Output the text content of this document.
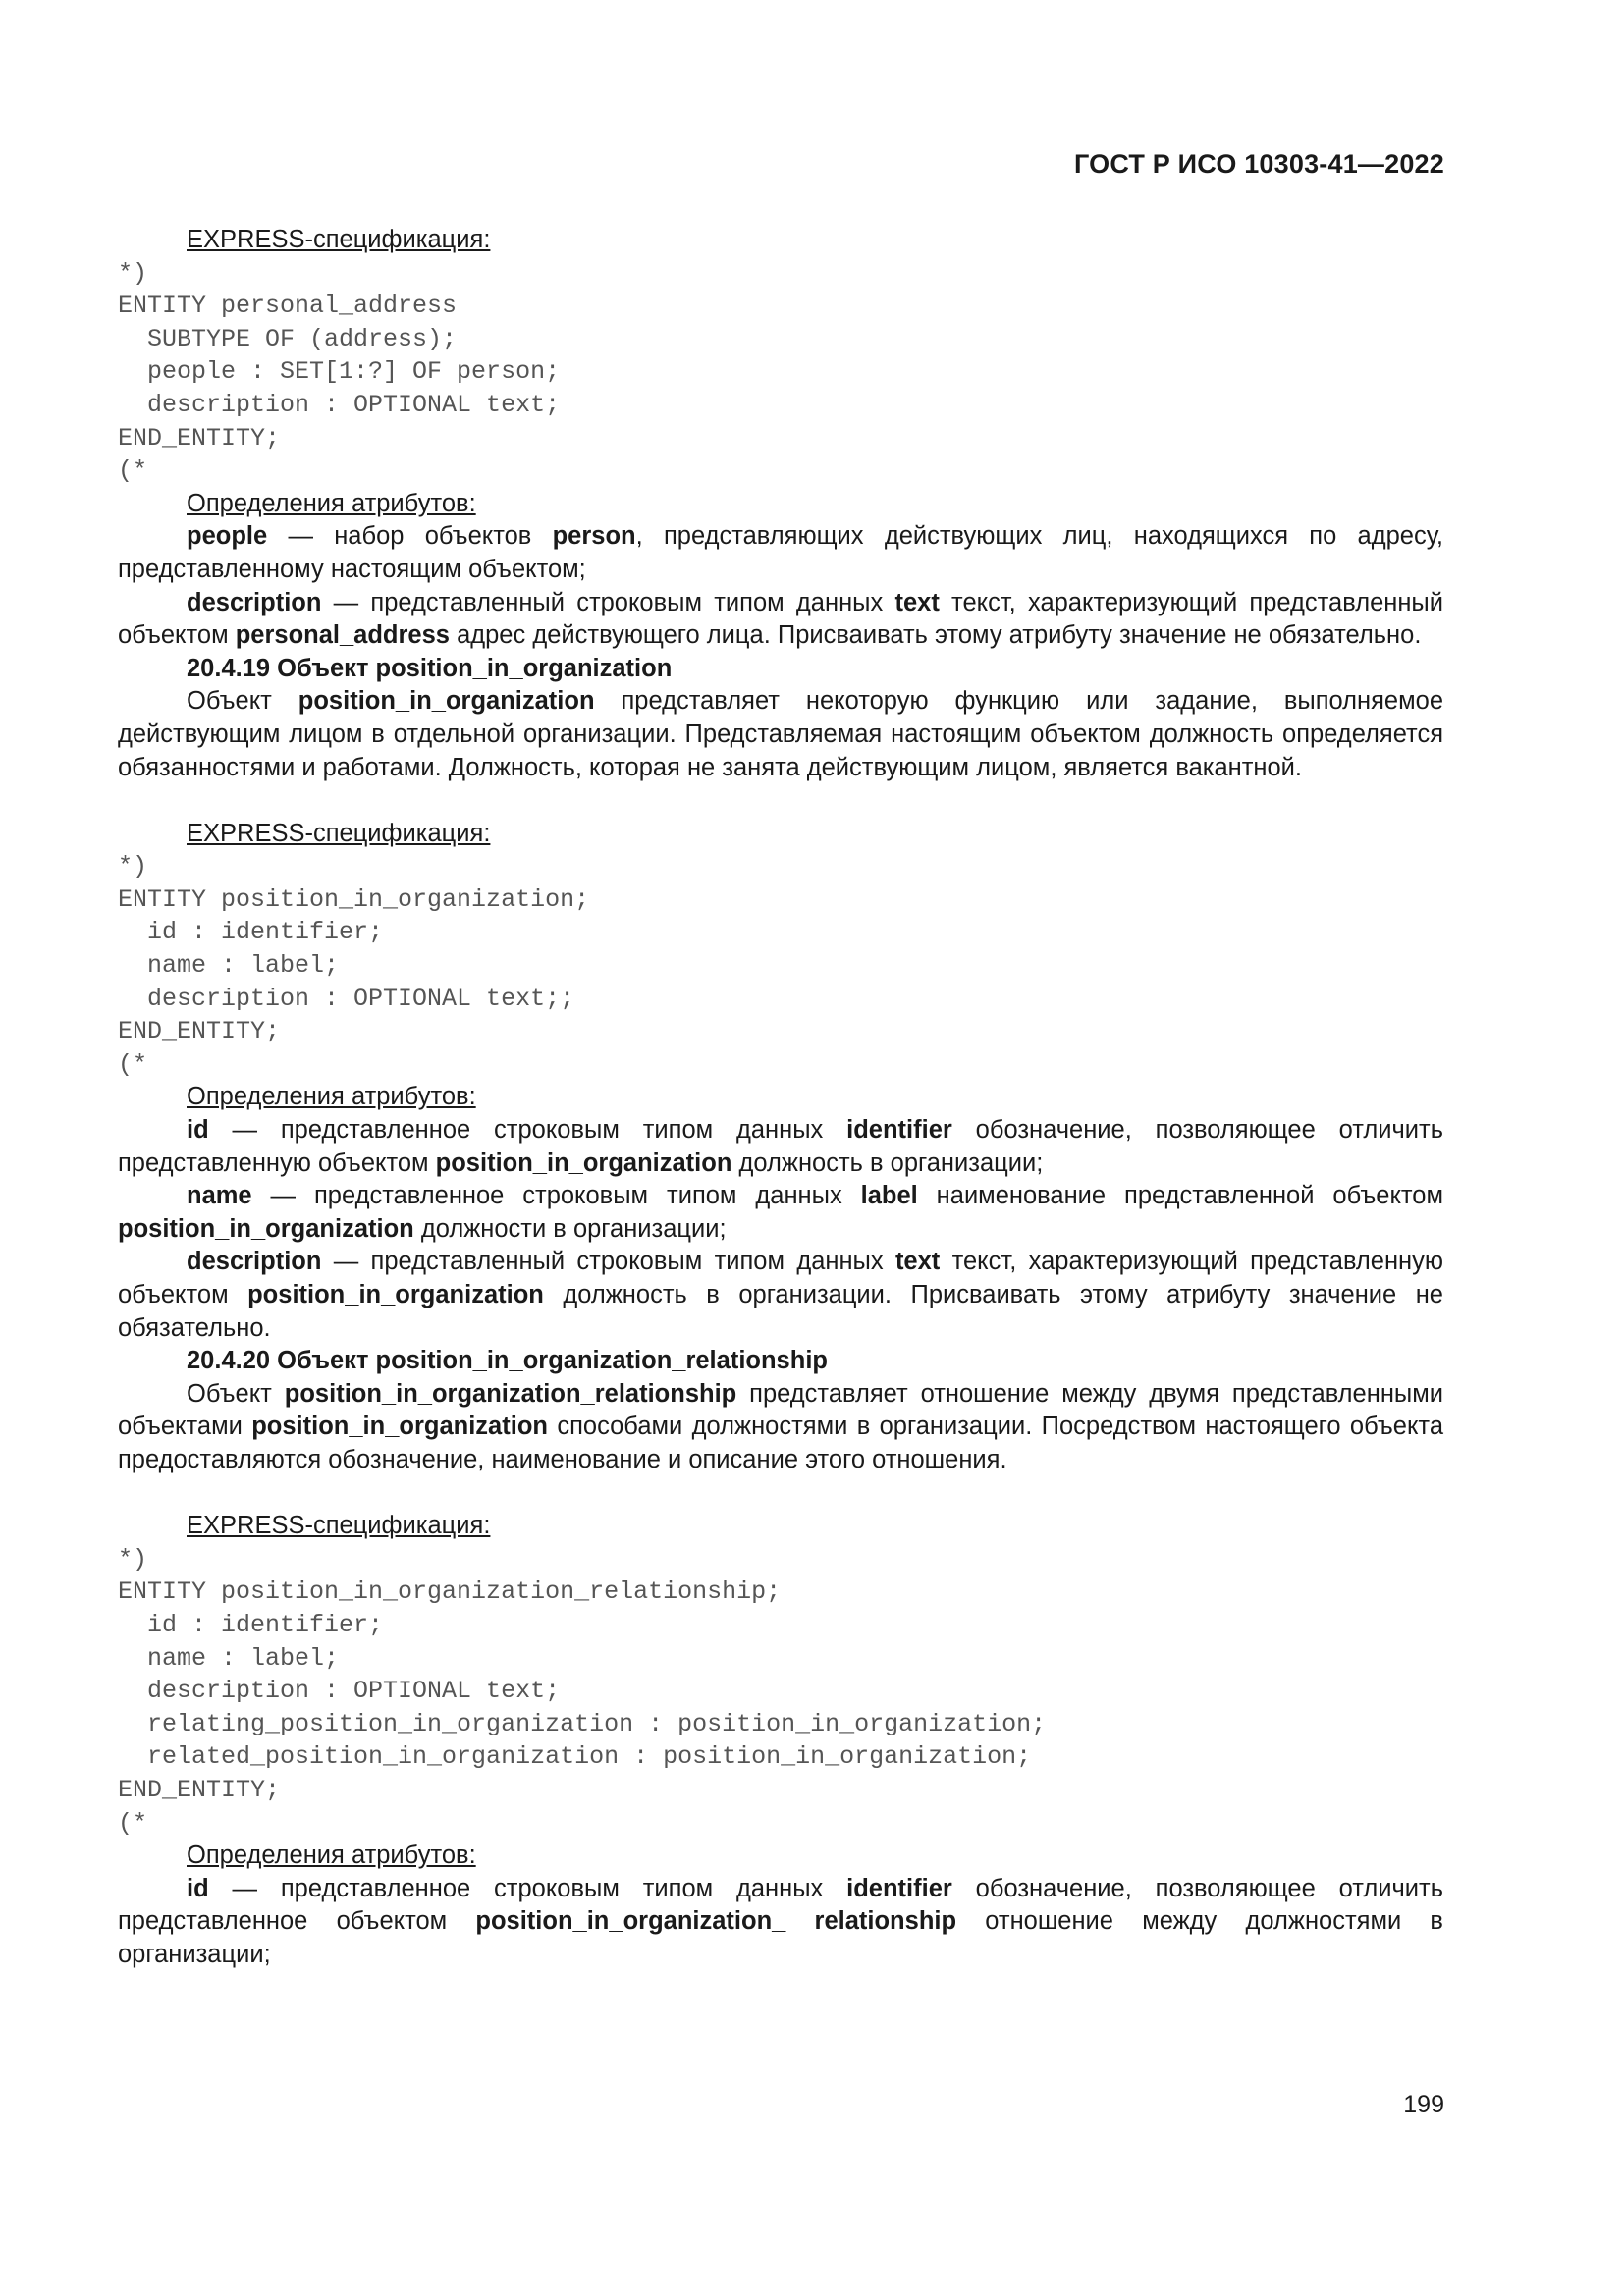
ГОСТ Р ИСО 10303-41—2022
EXPRESS-спецификация:
*)
ENTITY personal_address
SUBTYPE OF (address);
people : SET[1:?] OF person;
description : OPTIONAL text;
END_ENTITY;
(*
Определения атрибутов:

people — набор объектов person, представляющих действующих лиц, находящихся по адресу, представленному настоящим объектом;

description — представленный строковым типом данных text текст, характеризующий представленный объектом personal_address адрес действующего лица. Присваивать этому атрибуту значение не обязательно.

20.4.19 Объект position_in_organization

Объект position_in_organization представляет некоторую функцию или задание, выполняемое действующим лицом в отдельной организации. Представляемая настоящим объектом должность определяется обязанностями и работами. Должность, которая не занята действующим лицом, является вакантной.

EXPRESS-спецификация:
*)
ENTITY position_in_organization;
id : identifier;
name : label;
description : OPTIONAL text;;
END_ENTITY;
(*
Определения атрибутов:

id — представленное строковым типом данных identifier обозначение, позволяющее отличить представленную объектом position_in_organization должность в организации;

name — представленное строковым типом данных label наименование представленной объектом position_in_organization должности в организации;

description — представленный строковым типом данных text текст, характеризующий представленную объектом position_in_organization должность в организации. Присваивать этому атрибуту значение не обязательно.

20.4.20 Объект position_in_organization_relationship

Объект position_in_organization_relationship представляет отношение между двумя представленными объектами position_in_organization способами должностями в организации. Посредством настоящего объекта предоставляются обозначение, наименование и описание этого отношения.

EXPRESS-спецификация:
*)
ENTITY position_in_organization_relationship;
id : identifier;
name : label;
description : OPTIONAL text;
relating_position_in_organization : position_in_organization;
related_position_in_organization : position_in_organization;
END_ENTITY;
(*
Определения атрибутов:

id — представленное строковым типом данных identifier обозначение, позволяющее отличить представленное объектом position_in_organization_ relationship отношение между должностями в организации;

199
